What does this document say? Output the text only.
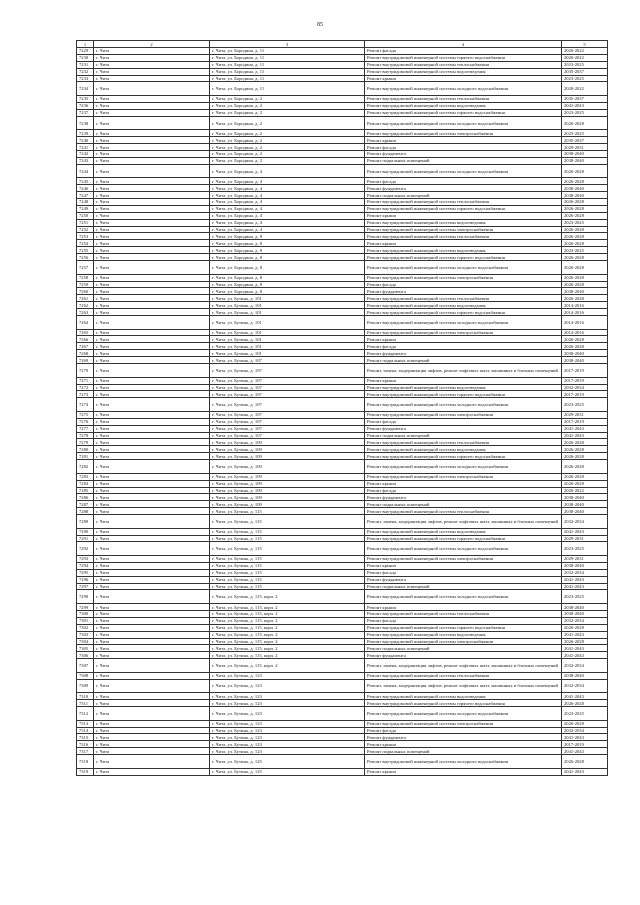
85
1	2	3	4	5
7229	г. Чита	г. Чита, ул. Бородина, д. 11	Ремонт фасада	2020-2022
7230	г. Чита	г. Чита, ул. Бородина, д. 11	Ремонт внутридомовой инженерной системы горячего водоснабжения	2020-2022
7231	г. Чита	г. Чита, ул. Бородина, д. 11	Ремонт внутридомовой инженерной системы теплоснабжения	2023-2025
7232	г. Чита	г. Чита, ул. Бородина, д. 11	Ремонт внутридомовой инженерной системы водоотведения	2035-2037
7233	г. Чита	г. Чита, ул. Бородина, д. 11	Ремонт крыши	2023-2025
7234	г. Чита	г. Чита, ул. Бородина, д. 11	Ремонт внутридомовой инженерной системы холодного водоснабжения	2020-2022
7235	г. Чита	г. Чита, ул. Бородина, д. 2	Ремонт внутридомовой инженерной системы теплоснабжения	2035-2037
7236	г. Чита	г. Чита, ул. Бородина, д. 2	Ремонт внутридомовой инженерной системы водоотведения	2041-2043
7237	г. Чита	г. Чита, ул. Бородина, д. 2	Ремонт внутридомовой инженерной системы горячего водоснабжения	2023-2025
7238	г. Чита	г. Чита, ул. Бородина, д. 2	Ремонт внутридомовой инженерной системы холодного водоснабжения	2026-2028
7239	г. Чита	г. Чита, ул. Бородина, д. 2	Ремонт внутридомовой инженерной системы электроснабжения	2023-2025
7240	г. Чита	г. Чита, ул. Бородина, д. 2	Ремонт крыши	2035-2037
7241	г. Чита	г. Чита, ул. Бородина, д. 2	Ремонт фасада	2029-2031
7242	г. Чита	г. Чита, ул. Бородина, д. 2	Ремонт фундамента	2038-2040
7243	г. Чита	г. Чита, ул. Бородина, д. 2	Ремонт подвальных помещений	2038-2040
7244	г. Чита	г. Чита, ул. Бородина, д. 4	Ремонт внутридомовой инженерной системы холодного водоснабжения	2026-2028
7245	г. Чита	г. Чита, ул. Бородина, д. 4	Ремонт фасада	2026-2028
7246	г. Чита	г. Чита, ул. Бородина, д. 4	Ремонт фундамента	2038-2040
7247	г. Чита	г. Чита, ул. Бородина, д. 4	Ремонт подвальных помещений	2038-2040
7248	г. Чита	г. Чита, ул. Бородина, д. 4	Ремонт внутридомовой инженерной системы теплоснабжения	2026-2028
7249	г. Чита	г. Чита, ул. Бородина, д. 4	Ремонт внутридомовой инженерной системы горячего водоснабжения	2026-2028
7250	г. Чита	г. Чита, ул. Бородина, д. 4	Ремонт крыши	2026-2028
7251	г. Чита	г. Чита, ул. Бородина, д. 4	Ремонт внутридомовой инженерной системы водоотведения	2023-2025
7252	г. Чита	г. Чита, ул. Бородина, д. 4	Ремонт внутридомовой инженерной системы электроснабжения	2026-2028
7253	г. Чита	г. Чита, ул. Бородина, д. 8	Ремонт внутридомовой инженерной системы теплоснабжения	2026-2028
7254	г. Чита	г. Чита, ул. Бородина, д. 8	Ремонт крыши	2026-2028
7255	г. Чита	г. Чита, ул. Бородина, д. 8	Ремонт внутридомовой инженерной системы водоотведения	2023-2025
7256	г. Чита	г. Чита, ул. Бородина, д. 8	Ремонт внутридомовой инженерной системы горячего водоснабжения	2026-2028
7257	г. Чита	г. Чита, ул. Бородина, д. 8	Ремонт внутридомовой инженерной системы холодного водоснабжения	2026-2028
7258	г. Чита	г. Чита, ул. Бородина, д. 8	Ремонт внутридомовой инженерной системы электроснабжения	2026-2028
7259	г. Чита	г. Чита, ул. Бородина, д. 8	Ремонт фасада	2026-2028
7260	г. Чита	г. Чита, ул. Бородина, д. 8	Ремонт фундамента	2038-2040
7261	г. Чита	г. Чита, ул. Бутина, д. 101	Ремонт внутридомовой инженерной системы теплоснабжения	2026-2028
7262	г. Чита	г. Чита, ул. Бутина, д. 101	Ремонт внутридомовой инженерной системы водоотведения	2014-2016
7263	г. Чита	г. Чита, ул. Бутина, д. 101	Ремонт внутридомовой инженерной системы горячего водоснабжения	2014-2016
7264	г. Чита	г. Чита, ул. Бутина, д. 101	Ремонт внутридомовой инженерной системы холодного водоснабжения	2014-2016
7265	г. Чита	г. Чита, ул. Бутина, д. 101	Ремонт внутридомовой инженерной системы электроснабжения	2014-2016
7266	г. Чита	г. Чита, ул. Бутина, д. 101	Ремонт крыши	2026-2028
7267	г. Чита	г. Чита, ул. Бутина, д. 101	Ремонт фасада	2026-2028
7268	г. Чита	г. Чита, ул. Бутина, д. 101	Ремонт фундамента	2038-2040
7269	г. Чита	г. Чита, ул. Бутина, д. 107	Ремонт подвальных помещений	2038-2040
7270	г. Чита	г. Чита, ул. Бутина, д. 107	Ремонт, замена, модернизация лифтов, ремонт лифтовых шахт, машинных и блочных помещений	2017-2019
7271	г. Чита	г. Чита, ул. Бутина, д. 107	Ремонт крыши	2017-2019
7272	г. Чита	г. Чита, ул. Бутина, д. 107	Ремонт внутридомовой инженерной системы водоотведения	2032-2034
7273	г. Чита	г. Чита, ул. Бутина, д. 107	Ремонт внутридомовой инженерной системы горячего водоснабжения	2017-2019
7274	г. Чита	г. Чита, ул. Бутина, д. 107	Ремонт внутридомовой инженерной системы холодного водоснабжения	2023-2025
7275	г. Чита	г. Чита, ул. Бутина, д. 107	Ремонт внутридомовой инженерной системы электроснабжения	2029-2031
7276	г. Чита	г. Чита, ул. Бутина, д. 107	Ремонт фасада	2017-2019
7277	г. Чита	г. Чита, ул. Бутина, д. 107	Ремонт фундамента	2041-2043
7278	г. Чита	г. Чита, ул. Бутина, д. 107	Ремонт подвальных помещений	2041-2043
7279	г. Чита	г. Чита, ул. Бутина, д. 109	Ремонт внутридомовой инженерной системы теплоснабжения	2026-2028
7280	г. Чита	г. Чита, ул. Бутина, д. 109	Ремонт внутридомовой инженерной системы водоотведения	2026-2028
7281	г. Чита	г. Чита, ул. Бутина, д. 109	Ремонт внутридомовой инженерной системы горячего водоснабжения	2026-2028
7282	г. Чита	г. Чита, ул. Бутина, д. 109	Ремонт внутридомовой инженерной системы холодного водоснабжения	2026-2028
7283	г. Чита	г. Чита, ул. Бутина, д. 109	Ремонт внутридомовой инженерной системы электроснабжения	2026-2028
7284	г. Чита	г. Чита, ул. Бутина, д. 109	Ремонт крыши	2026-2028
7285	г. Чита	г. Чита, ул. Бутина, д. 109	Ремонт фасада	2020-2022
7286	г. Чита	г. Чита, ул. Бутина, д. 109	Ремонт фундамента	2038-2040
7287	г. Чита	г. Чита, ул. Бутина, д. 109	Ремонт подвальных помещений	2038-2040
7288	г. Чита	г. Чита, ул. Бутина, д. 115	Ремонт внутридомовой инженерной системы теплоснабжения	2038-2040
7289	г. Чита	г. Чита, ул. Бутина, д. 115	Ремонт, замена, модернизация лифтов, ремонт лифтовых шахт, машинных и блочных помещений	2032-2034
7290	г. Чита	г. Чита, ул. Бутина, д. 115	Ремонт внутридомовой инженерной системы водоотведения	2041-2043
7291	г. Чита	г. Чита, ул. Бутина, д. 115	Ремонт внутридомовой инженерной системы горячего водоснабжения	2029-2031
7292	г. Чита	г. Чита, ул. Бутина, д. 115	Ремонт внутридомовой инженерной системы холодного водоснабжения	2023-2025
7293	г. Чита	г. Чита, ул. Бутина, д. 115	Ремонт внутридомовой инженерной системы электроснабжения	2029-2031
7294	г. Чита	г. Чита, ул. Бутина, д. 115	Ремонт крыши	2038-2040
7295	г. Чита	г. Чита, ул. Бутина, д. 115	Ремонт фасада	2032-2034
7296	г. Чита	г. Чита, ул. Бутина, д. 115	Ремонт фундамента	2041-2043
7297	г. Чита	г. Чита, ул. Бутина, д. 115	Ремонт подвальных помещений	2041-2043
7298	г. Чита	г. Чита, ул. Бутина, д. 115, корп. 2	Ремонт внутридомовой инженерной системы холодного водоснабжения	2023-2025
7299	г. Чита	г. Чита, ул. Бутина, д. 115, корп. 2	Ремонт крыши	2038-2040
7300	г. Чита	г. Чита, ул. Бутина, д. 115, корп. 2	Ремонт внутридомовой инженерной системы теплоснабжения	2038-2040
7301	г. Чита	г. Чита, ул. Бутина, д. 115, корп. 2	Ремонт фасада	2032-2034
7302	г. Чита	г. Чита, ул. Бутина, д. 115, корп. 2	Ремонт внутридомовой инженерной системы горячего водоснабжения	2026-2028
7303	г. Чита	г. Чита, ул. Бутина, д. 115, корп. 2	Ремонт внутридомовой инженерной системы водоотведения	2041-2043
7304	г. Чита	г. Чита, ул. Бутина, д. 115, корп. 2	Ремонт внутридомовой инженерной системы электроснабжения	2026-2028
7305	г. Чита	г. Чита, ул. Бутина, д. 115, корп. 2	Ремонт подвальных помещений	2041-2043
7306	г. Чита	г. Чита, ул. Бутина, д. 115, корп. 2	Ремонт фундамента	2041-2043
7307	г. Чита	г. Чита, ул. Бутина, д. 115, корп. 2	Ремонт, замена, модернизация лифтов, ремонт лифтовых шахт, машинных и блочных помещений	2032-2034
7308	г. Чита	г. Чита, ул. Бутина, д. 123	Ремонт внутридомовой инженерной системы теплоснабжения	2038-2040
7309	г. Чита	г. Чита, ул. Бутина, д. 123	Ремонт, замена, модернизация лифтов, ремонт лифтовых шахт, машинных и блочных помещений	2032-2034
7310	г. Чита	г. Чита, ул. Бутина, д. 123	Ремонт внутридомовой инженерной системы водоотведения	2041-2043
7311	г. Чита	г. Чита, ул. Бутина, д. 123	Ремонт внутридомовой инженерной системы горячего водоснабжения	2026-2028
7312	г. Чита	г. Чита, ул. Бутина, д. 123	Ремонт внутридомовой инженерной системы холодного водоснабжения	2023-2025
7313	г. Чита	г. Чита, ул. Бутина, д. 123	Ремонт внутридомовой инженерной системы электроснабжения	2026-2028
7314	г. Чита	г. Чита, ул. Бутина, д. 123	Ремонт фасада	2032-2034
7315	г. Чита	г. Чита, ул. Бутина, д. 123	Ремонт фундамента	2041-2043
7316	г. Чита	г. Чита, ул. Бутина, д. 123	Ремонт крыши	2017-2019
7317	г. Чита	г. Чита, ул. Бутина, д. 123	Ремонт подвальных помещений	2041-2043
7318	г. Чита	г. Чита, ул. Бутина, д. 125	Ремонт внутридомовой инженерной системы холодного водоснабжения	2026-2028
7319	г. Чита	г. Чита, ул. Бутина, д. 125	Ремонт крыши	2041-2043
